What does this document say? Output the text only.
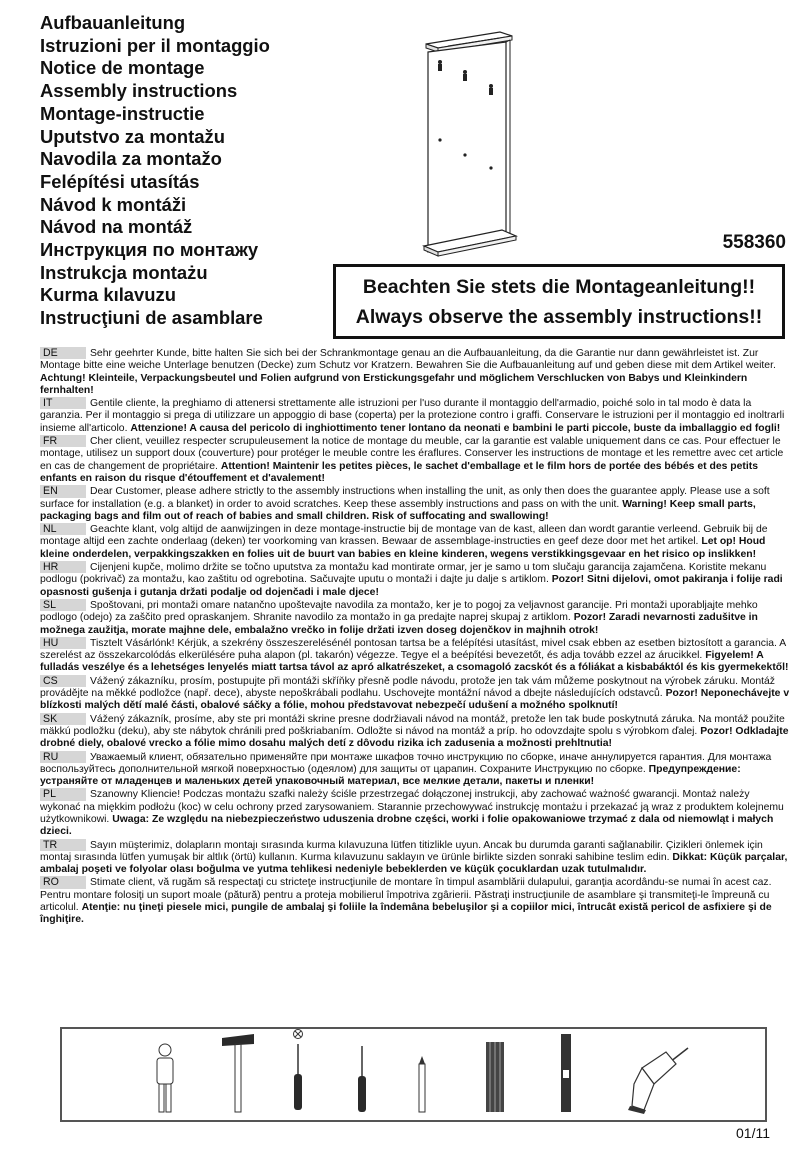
Aufbauanleitung
Istruzioni per il montaggio
Notice de montage
Assembly instructions
Montage-instructie
Uputstvo za montažu
Navodila za montažo
Felépítési utasítás
Návod k montáži
Návod na montáž
Инструкция по монтажу
Instrukcja montażu
Kurma kılavuzu
Instrucţiuni de asamblare
558360
Beachten Sie stets die Montageanleitung!!
Always observe the assembly instructions!!

DE	Sehr geehrter Kunde, bitte halten Sie sich bei der Schrankmontage genau an die Aufbauanleitung, da die Garantie nur dann gewährleistet ist. Zur Montage bitte eine weiche Unterlage benutzen (Decke) zum Schutz vor Kratzern. Bewahren Sie die Aufbauanleitung auf und geben diese mit dem Artikel weiter. Achtung! Kleinteile, Verpackungsbeutel und Folien aufgrund von Erstickungsgefahr und möglichem Verschlucken von Babys und Kleinkindern fernhalten!

IT	Gentile cliente, la preghiamo di attenersi strettamente alle istruzioni per l'uso durante il montaggio dell'armadio, poiché solo in tal modo è data la garanzia. Per il montaggio si prega di utilizzare un appoggio di base (coperta) per la protezione contro i graffi. Conservare le istruzioni per il montaggio ed inoltrarli insieme all'articolo. Attenzione! A causa del pericolo di inghiottimento tener lontano da neonati e bambini le parti piccole, buste da imballaggio ed fogli!

FR	Cher client, veuillez respecter scrupuleusement la notice de montage du meuble, car la garantie est valable uniquement dans ce cas. Pour effectuer le montage, utilisez un support doux (couverture) pour protéger le meuble contre les éraflures. Conserver les instructions de montage et les remettre avec cet article en cas de changement de propriétaire. Attention! Maintenir les petites pièces, le sachet d'emballage et le film hors de portée des bébés et des petits enfants en raison du risque d'étouffement et d'avalement!

EN	Dear Customer, please adhere strictly to the assembly instructions when installing the unit, as only then does the guarantee apply. Please use a soft surface for installation (e.g. a blanket) in order to avoid scratches. Keep these assembly instructions and pass on with the unit. Warning! Keep small parts, packaging bags and film out of reach of babies and small children. Risk of suffocating and swallowing!

NL	Geachte klant, volg altijd de aanwijzingen in deze montage-instructie bij de montage van de kast, alleen dan wordt garantie verleend. Gebruik bij de montage altijd een zachte onderlaag (deken) ter voorkoming van krassen. Bewaar de assemblage-instructies en geef deze door met het artikel. Let op! Houd kleine onderdelen, verpakkingszakken en folies uit de buurt van babies en kleine kinderen, wegens verstikkingsgevaar en het risico op inslikken!

HR	Cijenjeni kupče, molimo držite se točno uputstva za montažu kad montirate ormar, jer je samo u tom slučaju garancija zajamčena. Koristite mekanu podlogu (pokrivač) za montažu, kao zaštitu od ogrebotina. Sačuvajte uputu o montaži i dajte ju dalje s artiklom. Pozor! Sitni dijelovi, omot pakiranja i folije radi opasnosti gušenja i gutanja držati podalje od dojenčadi i male djece!

SL	Spoštovani, pri montaži omare natančno upoštevajte navodila za montažo, ker je to pogoj za veljavnost garancije. Pri montaži uporabljajte mehko podlogo (odejo) za zaščito pred opraskanjem. Shranite navodilo za montažo in ga predajte naprej skupaj z artiklom. Pozor! Zaradi nevarnosti zadušitve in možnega zaužitja, morate majhne dele, embalažno vrečko in folije držati izven doseg dojenčkov in majhnih otrok!

HU	Tisztelt Vásárlónk! Kérjük, a szekrény összeszerelésénél pontosan tartsa be a felépítési utasítást, mivel csak ebben az esetben biztosított a garancia. A szerelést az összekarcolódás elkerülésére puha alapon (pl. takarón) végezze. Tegye el a beépítési bevezetőt, és adja tovább ezzel az árucikkel. Figyelem! A fulladás veszélye és a lehetséges lenyelés miatt tartsa távol az apró alkatrészeket, a csomagoló zacskót és a fóliákat a kisbabáktól és kis gyermekektől!

CS	Vážený zákazníku, prosím, postupujte při montáži skříňky přesně podle návodu, protože jen tak vám můžeme poskytnout na výrobek záruku. Montáž provádějte na měkké podložce (např. dece), abyste nepoškrábali podlahu. Uschovejte montážní návod a dbejte následujících odstavců. Pozor! Neponechávejte v blízkosti malých dětí malé části, obalové sáčky a fólie, mohou představovat nebezpečí udušení a možného spolknutí!

SK	Vážený zákazník, prosíme, aby ste pri montáži skrine presne dodržiavali návod na montáž, pretože len tak bude poskytnutá záruka. Na montáž použite mäkkú podložku (deku), aby ste nábytok chránili pred poškriabaním. Odložte si návod na montáž a príp. ho odovzdajte spolu s výrobkom ďalej. Pozor! Odkladajte drobné diely, obalové vrecko a fólie mimo dosahu malých detí z dôvodu rizika ich zadusenia a možnosti prehltnutia!

RU	Уважаемый клиент, обязательно применяйте при монтаже шкафов точно инструкцию по сборке, иначе аннулируется гарантия. Для монтажа воспользуйтесь дополнительной мягкой поверхностью (одеялом) для защиты от царапин. Сохраните Инструкцию по сборке. Предупреждение: устраняйте от младенцев и маленьких детей упаковочный материал, все мелкие детали, пакеты и пленки!

PL	Szanowny Kliencie! Podczas montażu szafki należy ściśle przestrzegać dołączonej instrukcji, aby zachować ważność gwarancji. Montaż należy wykonać na miękkim podłożu (koc) w celu ochrony przed zarysowaniem. Starannie przechowywać instrukcję montażu i przekazać ją wraz z produktem kolejnemu użytkownikowi. Uwaga: Ze względu na niebezpieczeństwo uduszenia drobne części, worki i folie opakowaniowe trzymać z dala od niemowląt i małych dzieci.

TR	Sayın müşterimiz, dolapların montajı sırasında kurma kılavuzuna lütfen titizlikle uyun. Ancak bu durumda garanti sağlanabilir. Çizikleri önlemek için montaj sırasında lütfen yumuşak bir altlık (örtü) kullanın. Kurma kılavuzunu saklayın ve ürünle birlikte sizden sonraki sahibine teslim edin. Dikkat: Küçük parçalar, ambalaj poşeti ve folyolar olası boğulma ve yutma tehlikesi nedeniyle bebeklerden ve küçük çocuklardan uzak tutulmalıdır.

RO	Stimate client, vă rugăm să respectaţi cu stricteţe instrucţiunile de montare în timpul asamblării dulapului, garanţia acordându-se numai în acest caz. Pentru montare folosiţi un suport moale (pătură) pentru a proteja mobilierul împotriva zgârierii. Păstraţi instrucţiunile de asamblare şi transmiteţi-le împreună cu articolul. Atenţie: nu ţineţi piesele mici, pungile de ambalaj şi foliile la îndemâna bebeluşilor şi a copiilor mici, întrucât există pericol de asfixiere şi de înghiţire.

01/11
